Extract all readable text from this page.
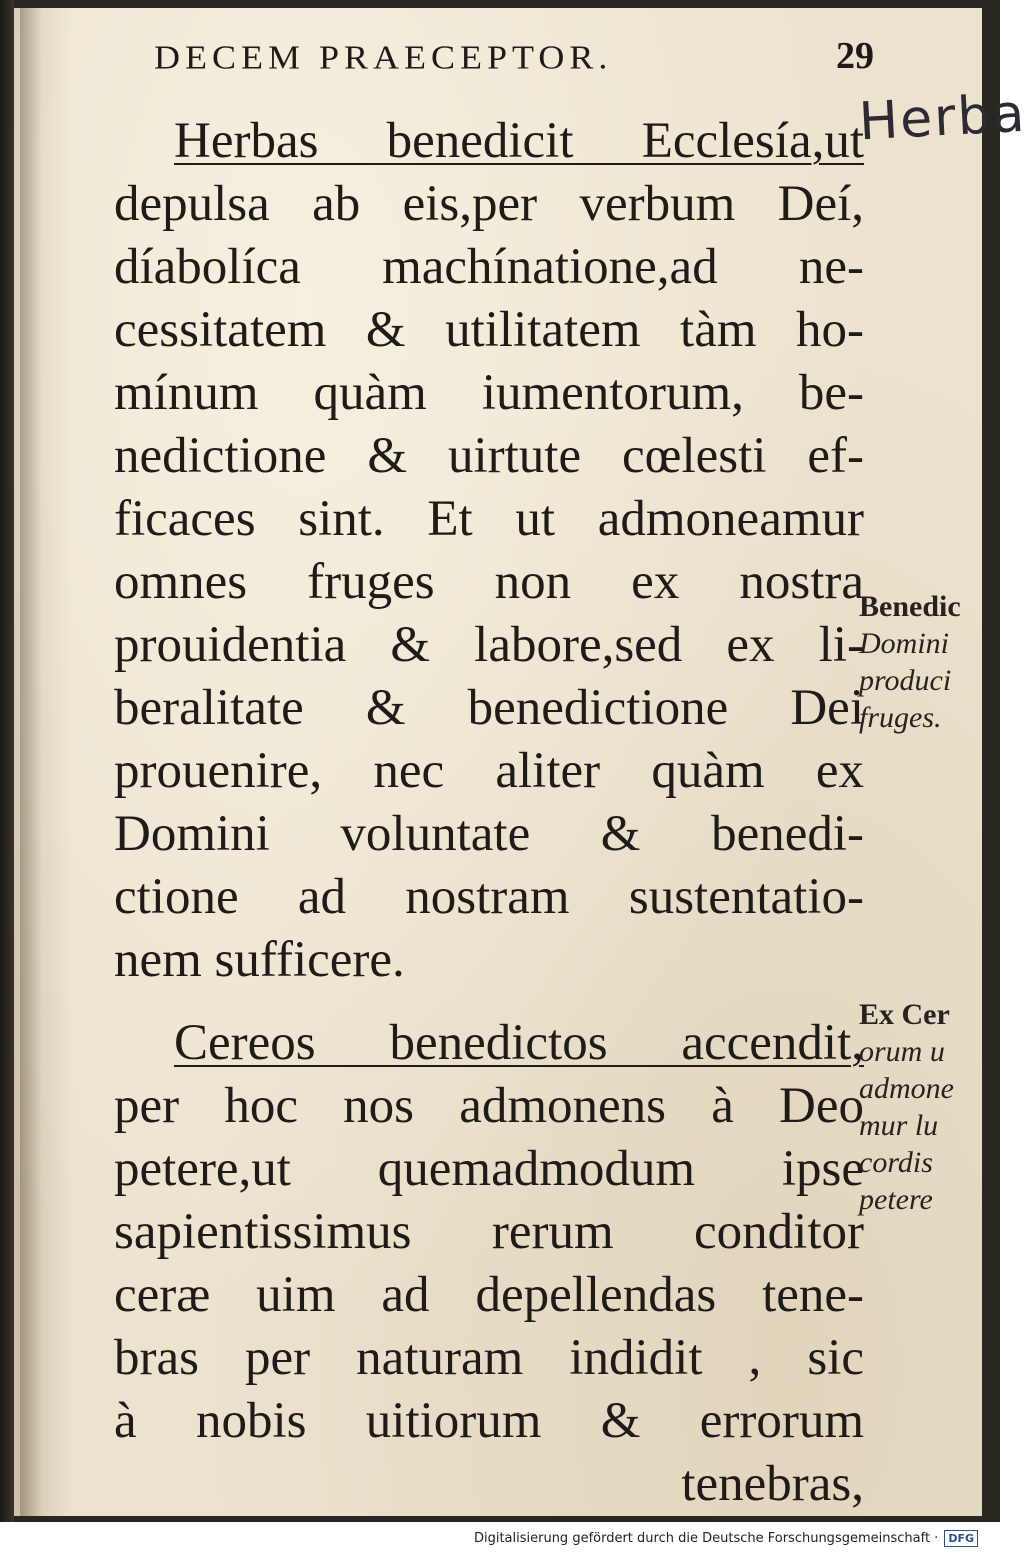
DECEM PRAECEPTOR.	29
Herba
Herbas benedicit Ecclesía,ut
depulsa ab eis,per verbum Deí,
díabolíca machínatione,ad ne-
cessitatem & utilitatem tàm ho-
mínum quàm iumentorum, be-
nedictione & uirtute cœlesti ef-
ficaces sint. Et ut admoneamur
omnes fruges non ex nostra
prouidentia & labore,sed ex li-
beralitate & benedictione Dei
prouenire, nec aliter quàm ex
Domini voluntate & benedi-
ctione ad nostram sustentatio-
nem sufficere.
Cereos benedictos accendit,
per hoc nos admonens à Deo
petere,ut quemadmodum ipse
sapientissimus rerum conditor
ceræ uim ad depellendas tene-
bras per naturam indidit , sic
à nobis uitiorum & errorum
tenebras,
Benedic
Domini
produci
fruges.
Ex Cer
orum u
admone
mur lu
cordis
petere
Digitalisierung gefördert durch die Deutsche Forschungsgemeinschaft · DFG
